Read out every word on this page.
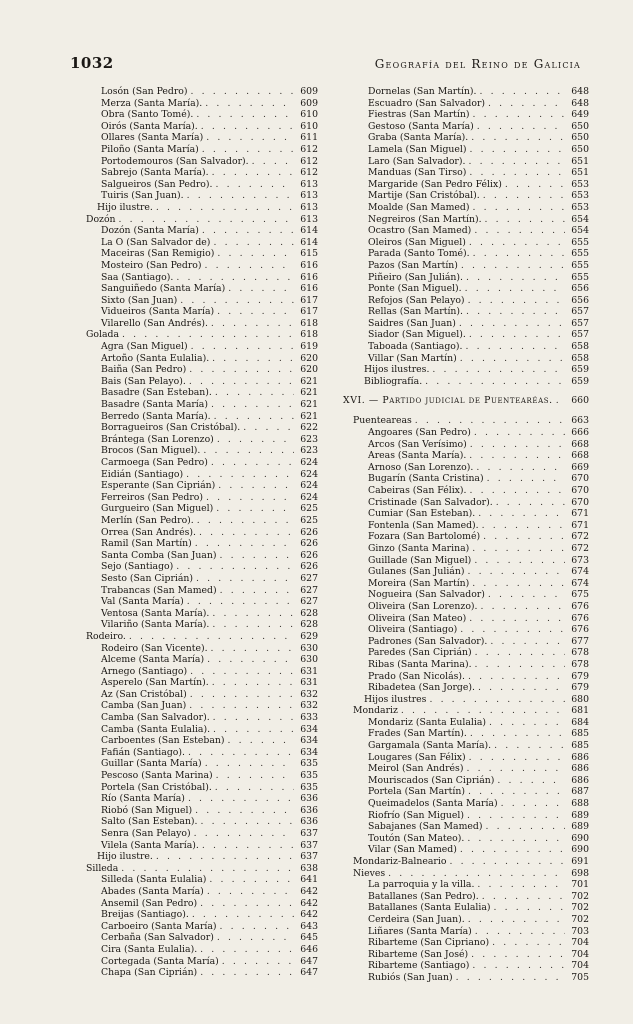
1032	Geografía del Reino de Galicia
Losón (San Pedro) . . .	609
Merza (Santa María). . . .	609
Obra (Santo Tomé). . . .	610
Oirós (Santa María). . . .	610
Ollares (Santa María) . . .	611
Piloño (Santa María) . . .	612
Portodemouros (San Salvador). . . .	612
Sabrejo (Santa María). . . .	612
Salgueiros (San Pedro). . . .	613
Tuiris (San Juan). . . .	613
Hijo ilustre. . . .	613
Dozón . . .	613
Dozón (Santa María) . . .	614
La O (San Salvador de) . . .	614
Maceiras (San Remigio) . . .	615
Mosteiro (San Pedro) . . .	616
Saa (Santiago). . . .	616
Sanguiñedo (Santa María) . . .	616
Sixto (San Juan) . . .	617
Vidueiros (Santa María) . . .	617
Vilarello (San Andrés). . . .	618
Golada . . .	618
Agra (San Miguel) . . .	619
Artoño (Santa Eulalia). . . .	620
Baiña (San Pedro) . . .	620
Bais (San Pelayo). . . .	621
Basadre (San Esteban). . . .	621
Basadre (Santa María) . . .	621
Berredo (Santa María). . . .	621
Borragueiros (San Cristóbal). . . .	622
Brántega (San Lorenzo) . . .	623
Brocos (San Miguel). . . .	623
Carmoega (San Pedro) . . .	624
Eidián (Santiago) . . .	624
Esperante (San Ciprián) . . .	624
Ferreiros (San Pedro) . . .	624
Gurgueiro (San Miguel) . . .	625
Merlín (San Pedro). . . .	625
Orrea (San Andrés). . . .	626
Ramil (San Martín) . . .	626
Santa Comba (San Juan) . . .	626
Sejo (Santiago) . . .	626
Sesto (San Ciprián) . . .	627
Trabancas (San Mamed) . . .	627
Val (Santa María) . . .	627
Ventosa (Santa María). . . .	628
Vilariño (Santa María). . . .	628
Rodeiro. . . .	629
Rodeiro (San Vicente). . . .	630
Alceme (Santa María) . . .	630
Arnego (Santiago) . . .	631
Asperelo (San Martín). . . .	631
Az (San Cristóbal) . . .	632
Camba (San Juan) . . .	632
Camba (San Salvador). . . .	633
Camba (Santa Eulalia). . . .	634
Carboentes (San Esteban) . . .	634
Fafián (Santiago). . . .	634
Guillar (Santa María) . . .	635
Pescoso (Santa Marina) . . .	635
Portela (San Cristóbal). . . .	635
Río (Santa María) . . .	636
Riobó (San Miguel) . . .	636
Salto (San Esteban). . . .	636
Senra (San Pelayo) . . .	637
Vilela (Santa María). . . .	637
Hijo ilustre. . . .	637
Silleda . . .	638
Silleda (Santa Eulalia) . . .	641
Abades (Santa María) . . .	642
Ansemil (San Pedro) . . .	642
Breijas (Santiago). . . .	642
Carboeiro (Santa María) . . .	643
Cerbaña (San Salvador) . . .	645
Cira (Santa Eulalia). . . .	646
Cortegada (Santa María) . . .	647
Chapa (San Ciprián) . . .	647
Dornelas (San Martín). . . .	648
Escuadro (San Salvador) . . .	648
Fiestras (San Martín) . . .	649
Gestoso (Santa María) . . .	650
Graba (Santa María). . . .	650
Lamela (San Miguel) . . .	650
Laro (San Salvador). . . .	651
Manduas (San Tirso) . . .	651
Margaride (San Pedro Félix) . . .	653
Martije (San Cristóbal). . . .	653
Moalde (San Mamed) . . .	653
Negreiros (San Martín). . . .	654
Ocastro (San Mamed) . . .	654
Oleiros (San Miguel) . . .	655
Parada (Santo Tomé). . . .	655
Pazos (San Martín) . . .	655
Piñeiro (San Julián). . . .	655
Ponte (San Miguel). . . .	656
Refojos (San Pelayo) . . .	656
Rellas (San Martín). . . .	657
Saidres (San Juan) . . .	657
Siador (San Miguel). . . .	657
Taboada (Santiago). . . .	658
Villar (San Martín) . . .	658
Hijos ilustres. . . .	659
Bibliografía. . . .	659
XVI. — Partido judicial de Puentearéas. . . .	660
Puenteareas . . .	663
Angoares (San Pedro) . . .	666
Arcos (San Verísimo) . . .	668
Areas (Santa María). . . .	668
Arnoso (San Lorenzo). . . .	669
Bugarín (Santa Cristina) . . .	670
Cabeiras (San Félix). . . .	670
Cristinade (San Salvador). . . .	670
Cumiar (San Esteban). . . .	671
Fontenla (San Mamed). . . .	671
Fozara (San Bartolomé) . . .	672
Ginzo (Santa Marina) . . .	672
Guillade (San Miguel) . . .	673
Gulanes (San Julián) . . .	674
Moreira (San Martín) . . .	674
Nogueira (San Salvador) . . .	675
Oliveira (San Lorenzo). . . .	676
Oliveira (San Mateo) . . .	676
Oliveira (Santiago) . . .	676
Padrones (San Salvador). . . .	677
Paredes (San Ciprián) . . .	678
Ribas (Santa Marina). . . .	678
Prado (San Nicolás). . . .	679
Ribadetea (San Jorge). . . .	679
Hijos ilustres . . .	680
Mondariz . . .	681
Mondariz (Santa Eulalia) . . .	684
Frades (San Martín). . . .	685
Gargamala (Santa María). . . .	685
Lougares (San Félix) . . .	686
Meirol (San Andrés) . . .	686
Mouriscados (San Ciprián) . . .	686
Portela (San Martín) . . .	687
Queimadelos (Santa María) . . .	688
Riofrío (San Miguel) . . .	689
Sabajanes (San Mamed) . . .	689
Toutón (San Mateo). . . .	690
Vilar (San Mamed) . . .	690
Mondariz-Balneario . . .	691
Nieves . . .	698
La parroquia y la villa. . . .	701
Batallanes (San Pedro). . . .	702
Batallanes (Santa Eulalia) . . .	702
Cerdeira (San Juan). . . .	702
Liñares (Santa María) . . .	703
Ribarteme (San Cipriano) . . .	704
Ribarteme (San José) . . .	704
Ribarteme (Santiago) . . .	704
Rubiós (San Juan) . . .	705
